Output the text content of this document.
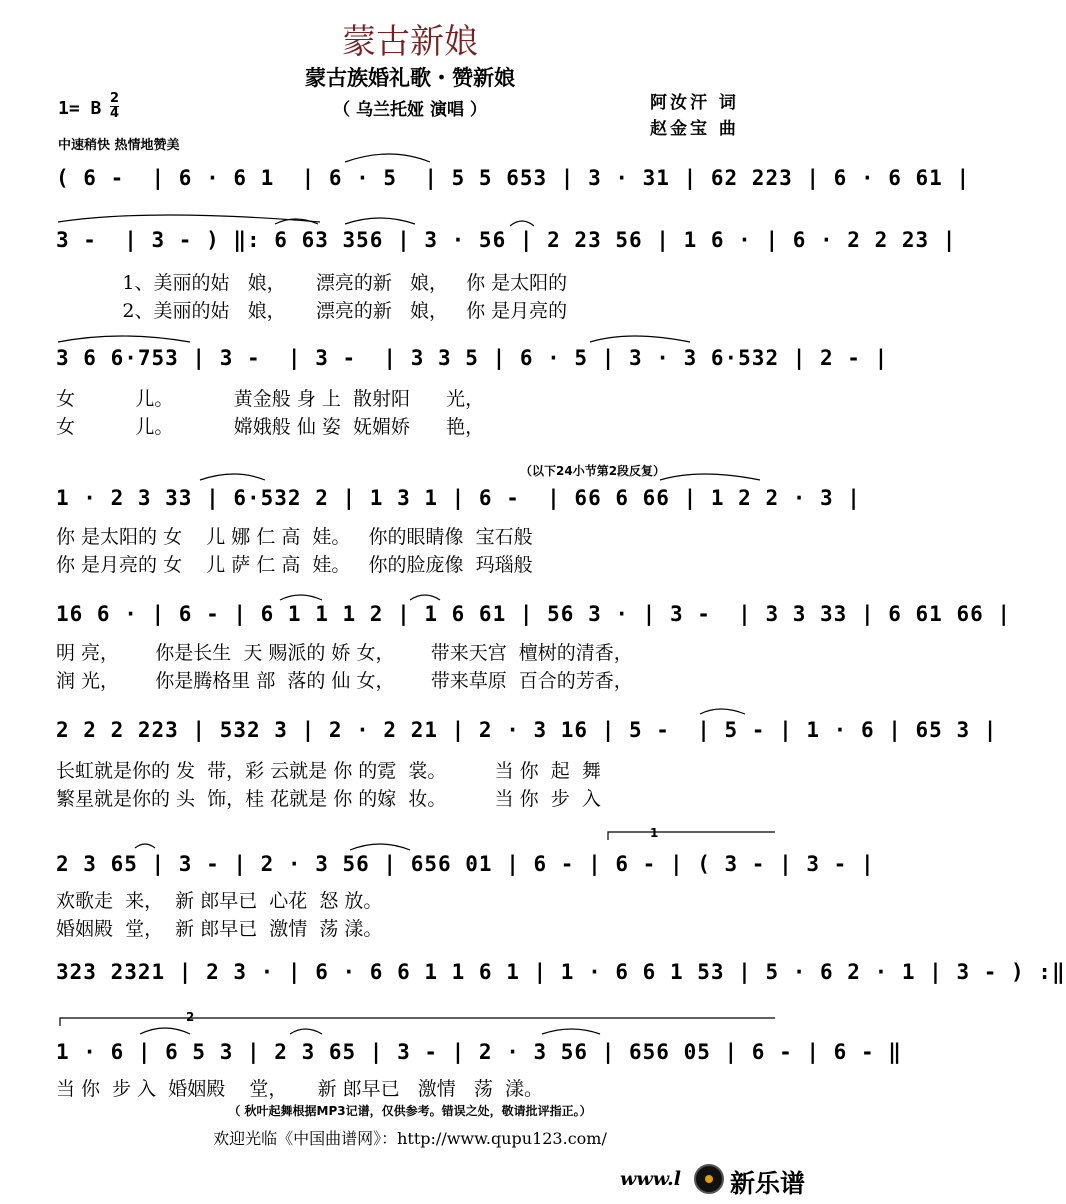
蒙古新娘
蒙古族婚礼歌・赞新娘
（ 乌兰托娅 演唱 ）
1= B 2
4
中速稍快 热情地赞美
阿汝汗 词
赵金宝 曲
( 6 -  | 6 · 6 1  | 6 · 5  | 5 5 653 | 3 · 31 | 62 223 | 6 · 6 61 |
3 -  | 3 - ) ‖: 6 63 356 | 3 · 56 | 2 23 56 | 1 6 · | 6 · 2 2 23 |
1、美丽的姑   娘，     漂亮的新   娘，   你 是太阳的
2、美丽的姑   娘，     漂亮的新   娘，   你 是月亮的
3 6 6·753 | 3 -  | 3 -  | 3 3 5 | 6 · 5 | 3 · 3 6·532 | 2 - |
女          儿。          黄金般 身 上  散射阳      光，
女          儿。          嫦娥般 仙 姿  妩媚娇      艳，
（以下24小节第2段反复）
1 · 2 3 33 | 6·532 2 | 1 3 1 | 6 -  | 66 6 66 | 1 2 2 · 3 |
你 是太阳的 女    儿 娜 仁 高  娃。   你的眼睛像  宝石般
你 是月亮的 女    儿 萨 仁 高  娃。   你的脸庞像  玛瑙般
16 6 · | 6 - | 6 1 1 1 2 | 1 6 61 | 56 3 · | 3 -  | 3 3 33 | 6 61 66 |
明 亮，      你是长生  天 赐派的 娇 女，      带来天宫  檀树的清香，
润 光，      你是腾格里 部  落的 仙 女，      带来草原  百合的芳香，
2 2 2 223 | 532 3 | 2 · 2 21 | 2 · 3 16 | 5 -  | 5 - | 1 · 6 | 65 3 |
长虹就是你的 发  带，彩 云就是 你 的霓  裳。        当 你  起  舞
繁星就是你的 头  饰，桂 花就是 你 的嫁  妆。        当 你  步  入
1
2 3 65 | 3 - | 2 · 3 56 | 656 01 | 6 - | 6 - | ( 3 - | 3 - |
欢歌走  来，  新 郎早已  心花  怒 放。
婚姻殿  堂，  新 郎早已  激情  荡 漾。
323 2321 | 2 3 · | 6 · 6 6 1 1 6 1 | 1 · 6 6 1 53 | 5 · 6 2 · 1 | 3 - ) :‖
2
1 · 6 | 6 5 3 | 2 3 65 | 3 - | 2 · 3 56 | 656 05 | 6 - | 6 - ‖
当 你  步 入  婚姻殿    堂，     新 郎早已   激情   荡  漾。
（ 秋叶起舞根据MP3记谱，仅供参考。错误之处，敬请批评指正。）
欢迎光临《中国曲谱网》：http://www.qupu123.com/
www.l 新乐谱
